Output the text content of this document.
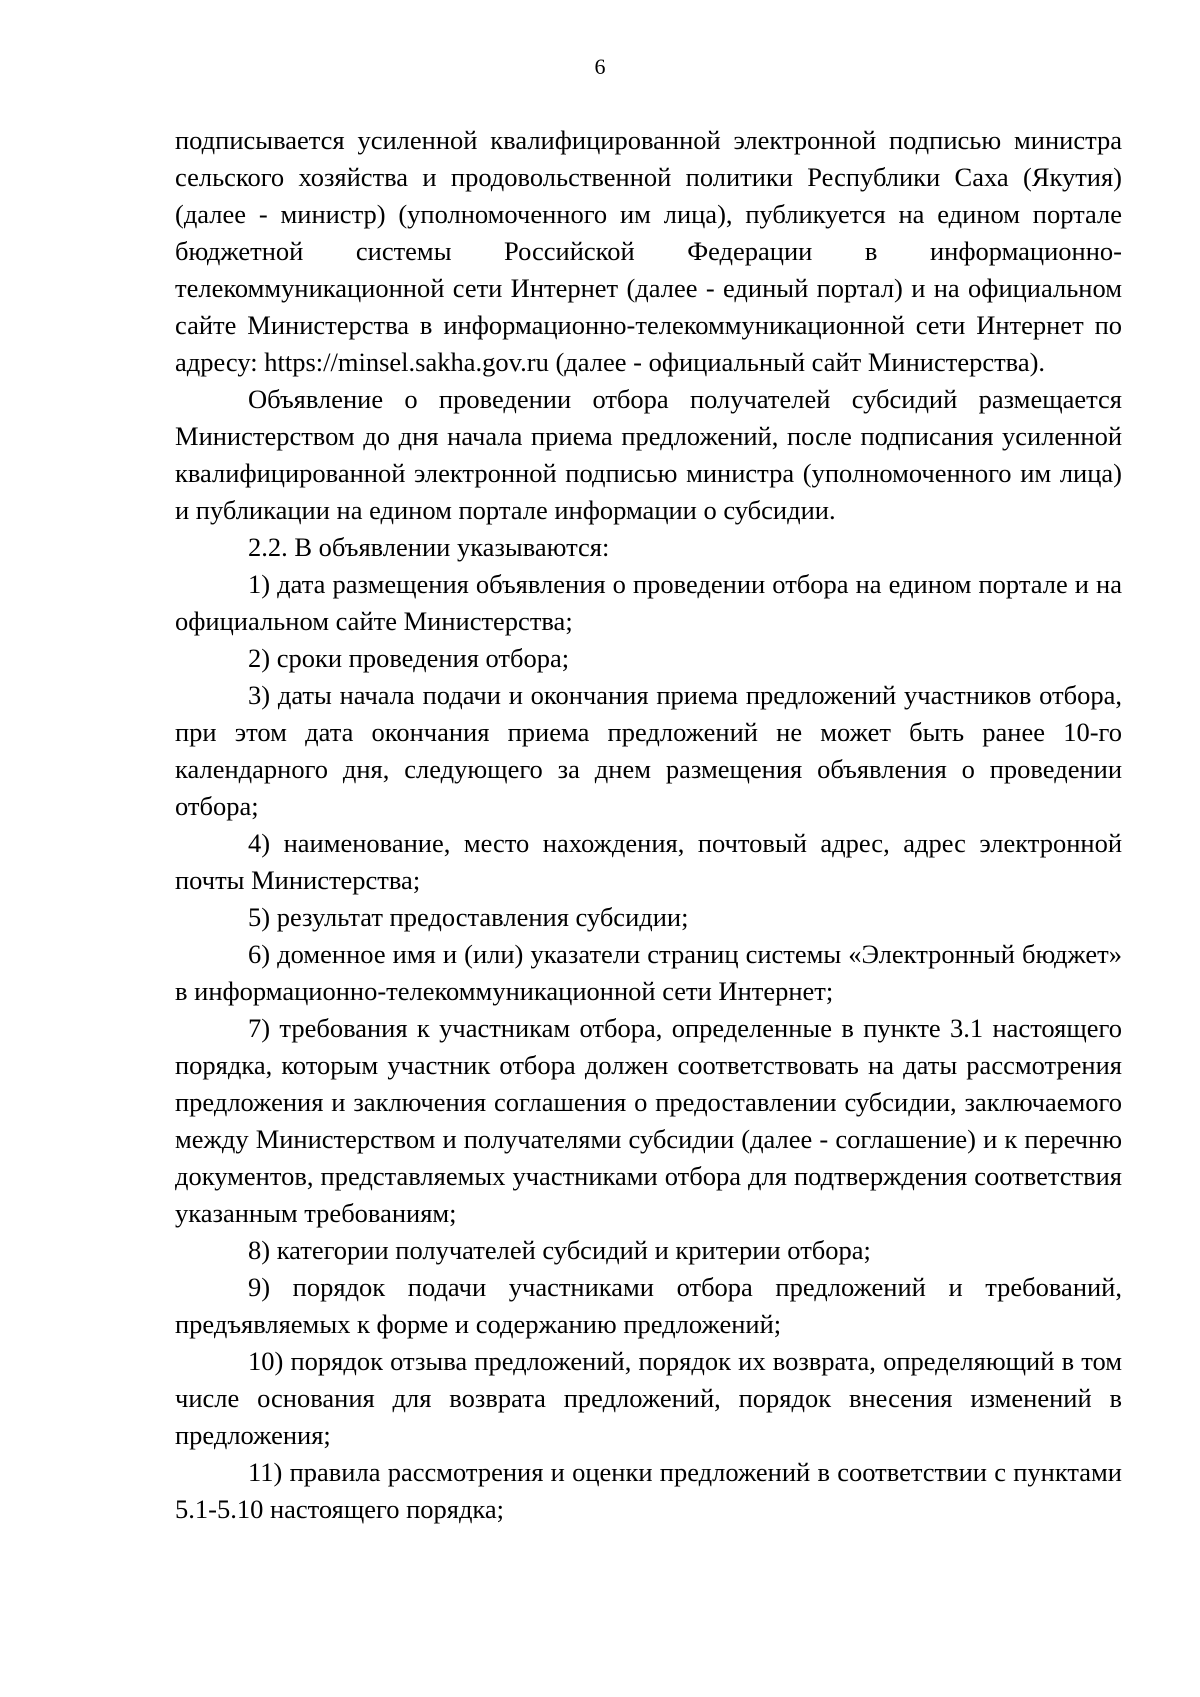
6

подписывается усиленной квалифицированной электронной подписью министра сельского хозяйства и продовольственной политики Республики Саха (Якутия) (далее - министр) (уполномоченного им лица), публикуется на едином портале бюджетной системы Российской Федерации в информационно-телекоммуникационной сети Интернет (далее - единый портал) и на официальном сайте Министерства в информационно-телекоммуникационной сети Интернет по адресу: https://minsel.sakha.gov.ru (далее - официальный сайт Министерства).

Объявление о проведении отбора получателей субсидий размещается Министерством до дня начала приема предложений, после подписания усиленной квалифицированной электронной подписью министра (уполномоченного им лица) и публикации на едином портале информации о субсидии.

2.2. В объявлении указываются:

1) дата размещения объявления о проведении отбора на едином портале и на официальном сайте Министерства;

2) сроки проведения отбора;

3) даты начала подачи и окончания приема предложений участников отбора, при этом дата окончания приема предложений не может быть ранее 10-го календарного дня, следующего за днем размещения объявления о проведении отбора;

4) наименование, место нахождения, почтовый адрес, адрес электронной почты Министерства;

5) результат предоставления субсидии;

6) доменное имя и (или) указатели страниц системы «Электронный бюджет» в информационно-телекоммуникационной сети Интернет;

7) требования к участникам отбора, определенные в пункте 3.1 настоящего порядка, которым участник отбора должен соответствовать на даты рассмотрения предложения и заключения соглашения о предоставлении субсидии, заключаемого между Министерством и получателями субсидии (далее - соглашение) и к перечню документов, представляемых участниками отбора для подтверждения соответствия указанным требованиям;

8) категории получателей субсидий и критерии отбора;

9) порядок подачи участниками отбора предложений и требований, предъявляемых к форме и содержанию предложений;

10) порядок отзыва предложений, порядок их возврата, определяющий в том числе основания для возврата предложений, порядок внесения изменений в предложения;

11) правила рассмотрения и оценки предложений в соответствии с пунктами 5.1-5.10 настоящего порядка;
